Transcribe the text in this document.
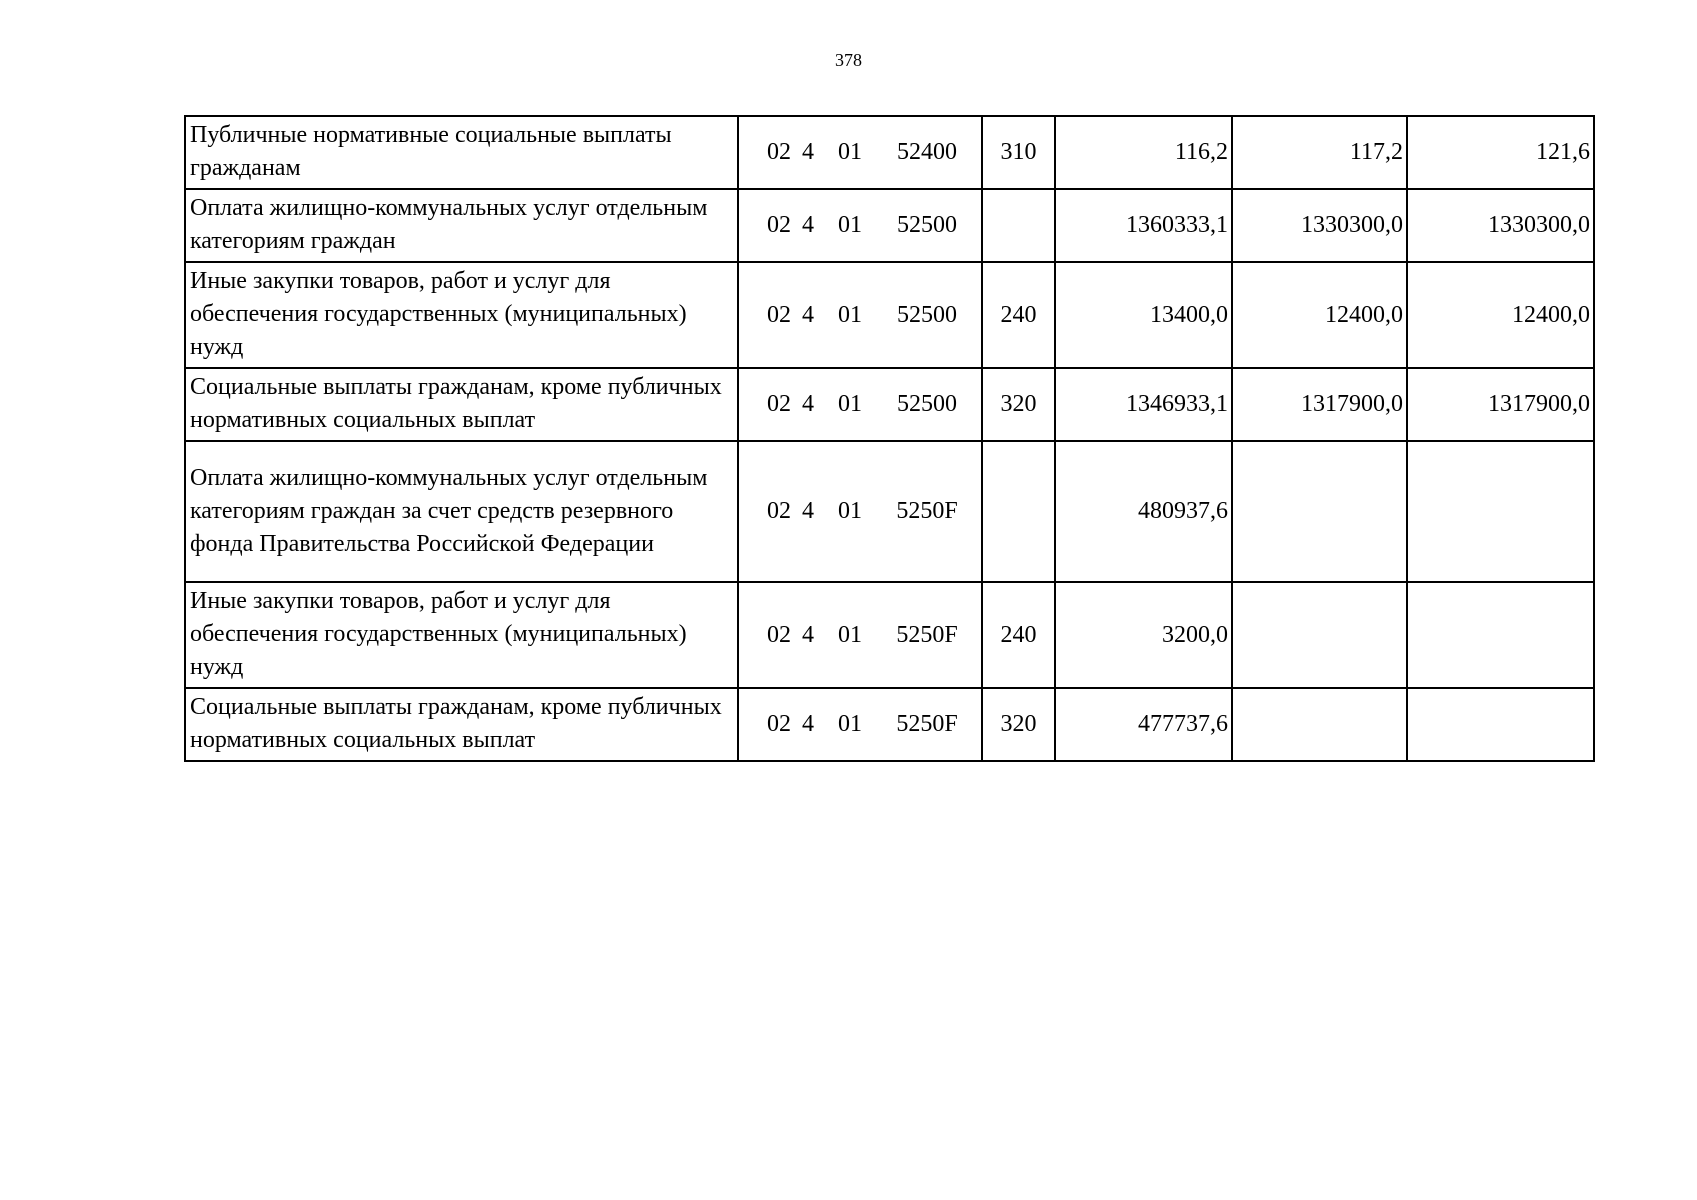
378
Публичные нормативные социальные выплаты гражданам	02 4 01 52400	310	116,2	117,2	121,6
Оплата жилищно-коммунальных услуг отдельным категориям граждан	02 4 01 52500		1360333,1	1330300,0	1330300,0
Иные закупки товаров, работ и услуг для обеспечения государственных (муниципальных) нужд	02 4 01 52500	240	13400,0	12400,0	12400,0
Социальные выплаты гражданам, кроме публичных нормативных социальных выплат	02 4 01 52500	320	1346933,1	1317900,0	1317900,0
Оплата жилищно-коммунальных услуг отдельным категориям граждан за счет средств резервного фонда Правительства Российской Федерации	02 4 01 5250F		480937,6		
Иные закупки товаров, работ и услуг для обеспечения государственных (муниципальных) нужд	02 4 01 5250F	240	3200,0		
Социальные выплаты гражданам, кроме публичных нормативных социальных выплат	02 4 01 5250F	320	477737,6		
